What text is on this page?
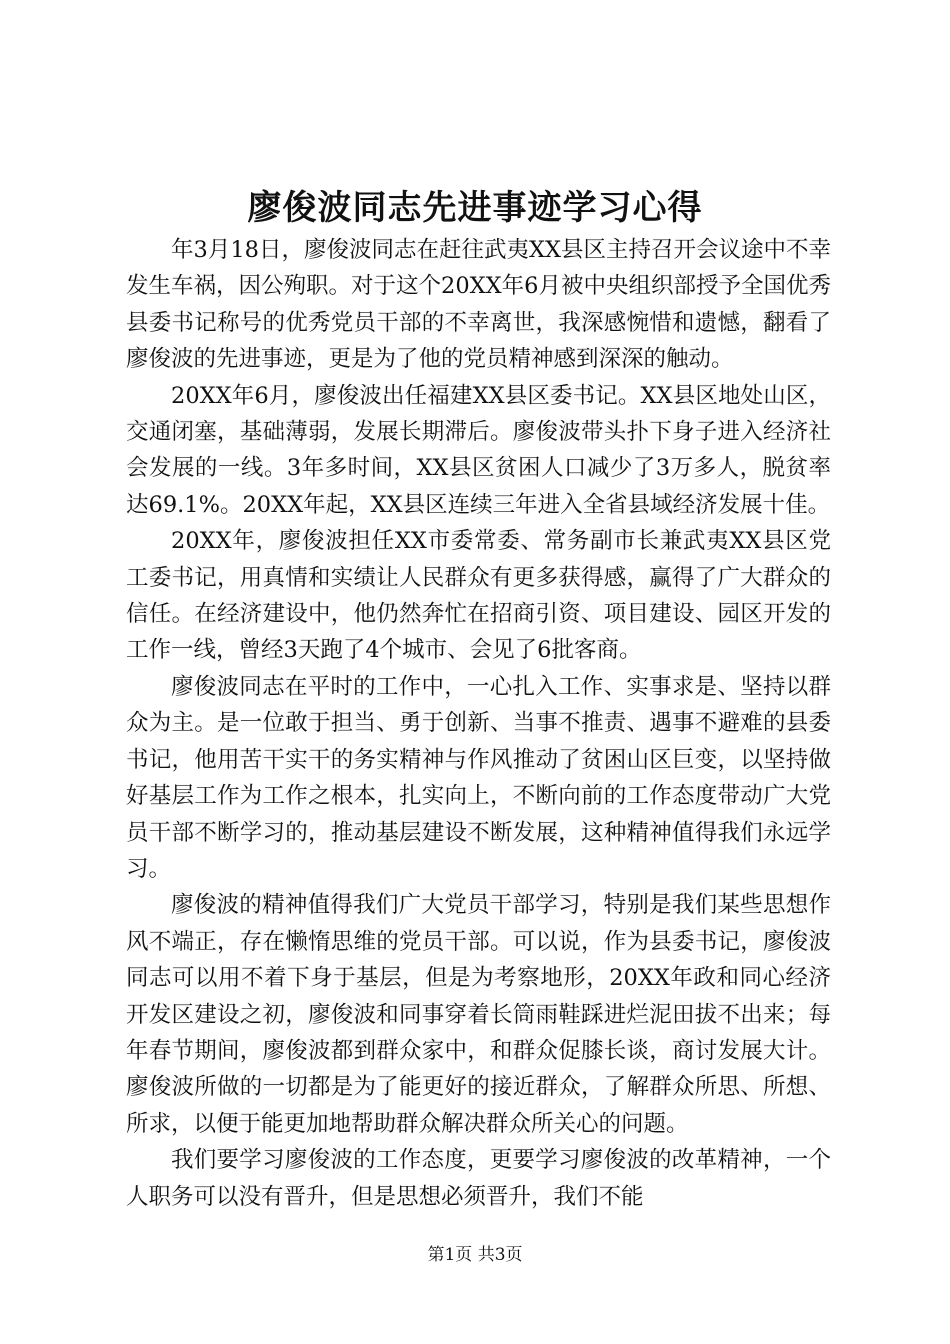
廖俊波同志先进事迹学习心得

年3月18日，廖俊波同志在赶往武夷XX县区主持召开会议途中不幸发生车祸，因公殉职。对于这个20XX年6月被中央组织部授予全国优秀县委书记称号的优秀党员干部的不幸离世，我深感惋惜和遗憾，翻看了廖俊波的先进事迹，更是为了他的党员精神感到深深的触动。

20XX年6月，廖俊波出任福建XX县区委书记。XX县区地处山区，交通闭塞，基础薄弱，发展长期滞后。廖俊波带头扑下身子进入经济社会发展的一线。3年多时间，XX县区贫困人口减少了3万多人，脱贫率达69.1%。20XX年起，XX县区连续三年进入全省县域经济发展十佳。

20XX年，廖俊波担任XX市委常委、常务副市长兼武夷XX县区党工委书记，用真情和实绩让人民群众有更多获得感，赢得了广大群众的信任。在经济建设中，他仍然奔忙在招商引资、项目建设、园区开发的工作一线，曾经3天跑了4个城市、会见了6批客商。

廖俊波同志在平时的工作中，一心扎入工作、实事求是、坚持以群众为主。是一位敢于担当、勇于创新、当事不推责、遇事不避难的县委书记，他用苦干实干的务实精神与作风推动了贫困山区巨变，以坚持做好基层工作为工作之根本，扎实向上，不断向前的工作态度带动广大党员干部不断学习的，推动基层建设不断发展，这种精神值得我们永远学习。

廖俊波的精神值得我们广大党员干部学习，特别是我们某些思想作风不端正，存在懒惰思维的党员干部。可以说，作为县委书记，廖俊波同志可以用不着下身于基层，但是为考察地形，20XX年政和同心经济开发区建设之初，廖俊波和同事穿着长筒雨鞋踩进烂泥田拔不出来；每年春节期间，廖俊波都到群众家中，和群众促膝长谈，商讨发展大计。廖俊波所做的一切都是为了能更好的接近群众，了解群众所思、所想、所求，以便于能更加地帮助群众解决群众所关心的问题。

我们要学习廖俊波的工作态度，更要学习廖俊波的改革精神，一个人职务可以没有晋升，但是思想必须晋升，我们不能

第1页 共3页
